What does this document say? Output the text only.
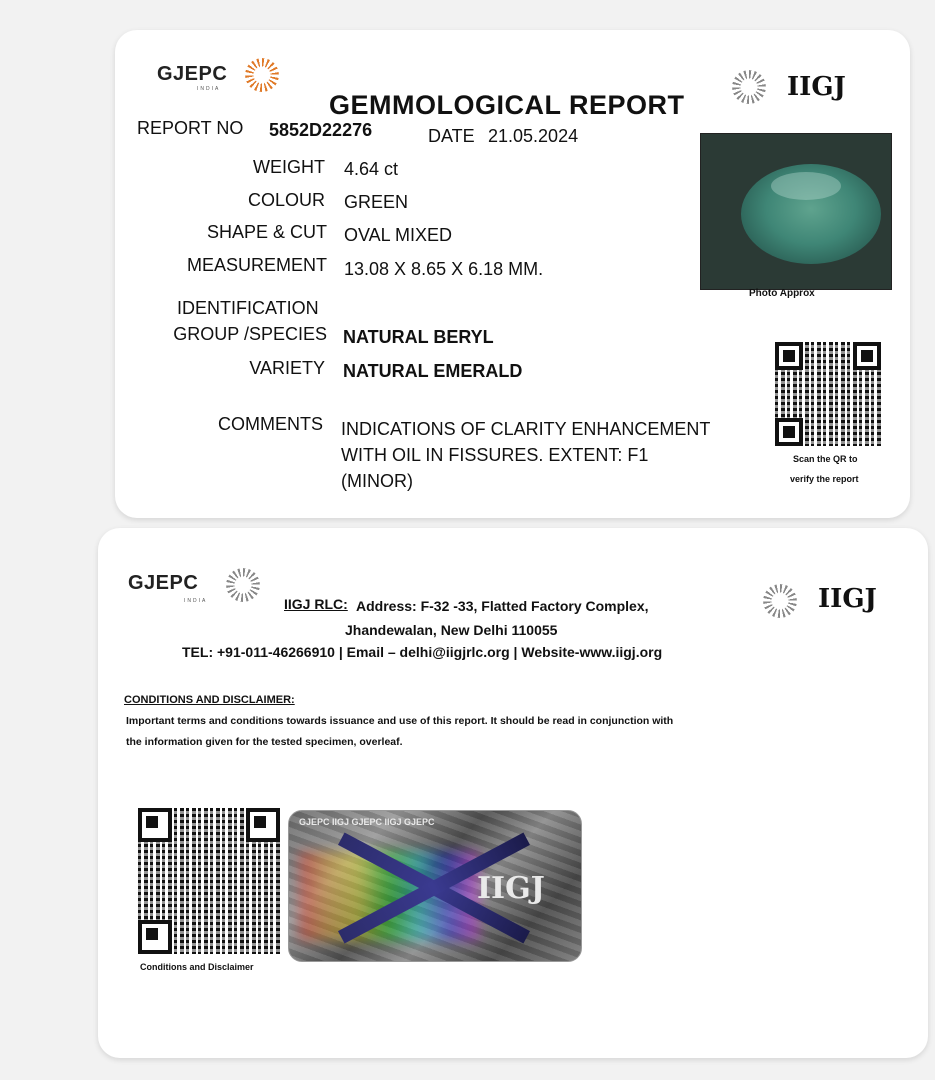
GJEPC
INDIA
GEMMOLOGICAL REPORT
IIGJ
REPORT NO 5852D22276	DATE 21.05.2024
WEIGHT 4.64 ct
COLOUR GREEN
SHAPE & CUT OVAL MIXED
MEASUREMENT 13.08 X 8.65 X 6.18 MM.
IDENTIFICATION
GROUP /SPECIES NATURAL BERYL
VARIETY NATURAL EMERALD
COMMENTS INDICATIONS OF CLARITY ENHANCEMENT
WITH OIL IN FISSURES. EXTENT: F1
(MINOR)
Photo Approx
Scan the QR to
verify the report
GJEPC
INDIA	IIGJ
IIGJ RLC: Address: F-32 -33, Flatted Factory Complex,
Jhandewalan, New Delhi 110055
TEL: +91-011-46266910 | Email – delhi@iigjrlc.org | Website-www.iigj.org
CONDITIONS AND DISCLAIMER:
Important terms and conditions towards issuance and use of this report. It should be read in conjunction with
the information given for the tested specimen, overleaf.
Conditions and Disclaimer
GJEPC IIGJ GJEPC IIGJ GJEPC
IIGJ
